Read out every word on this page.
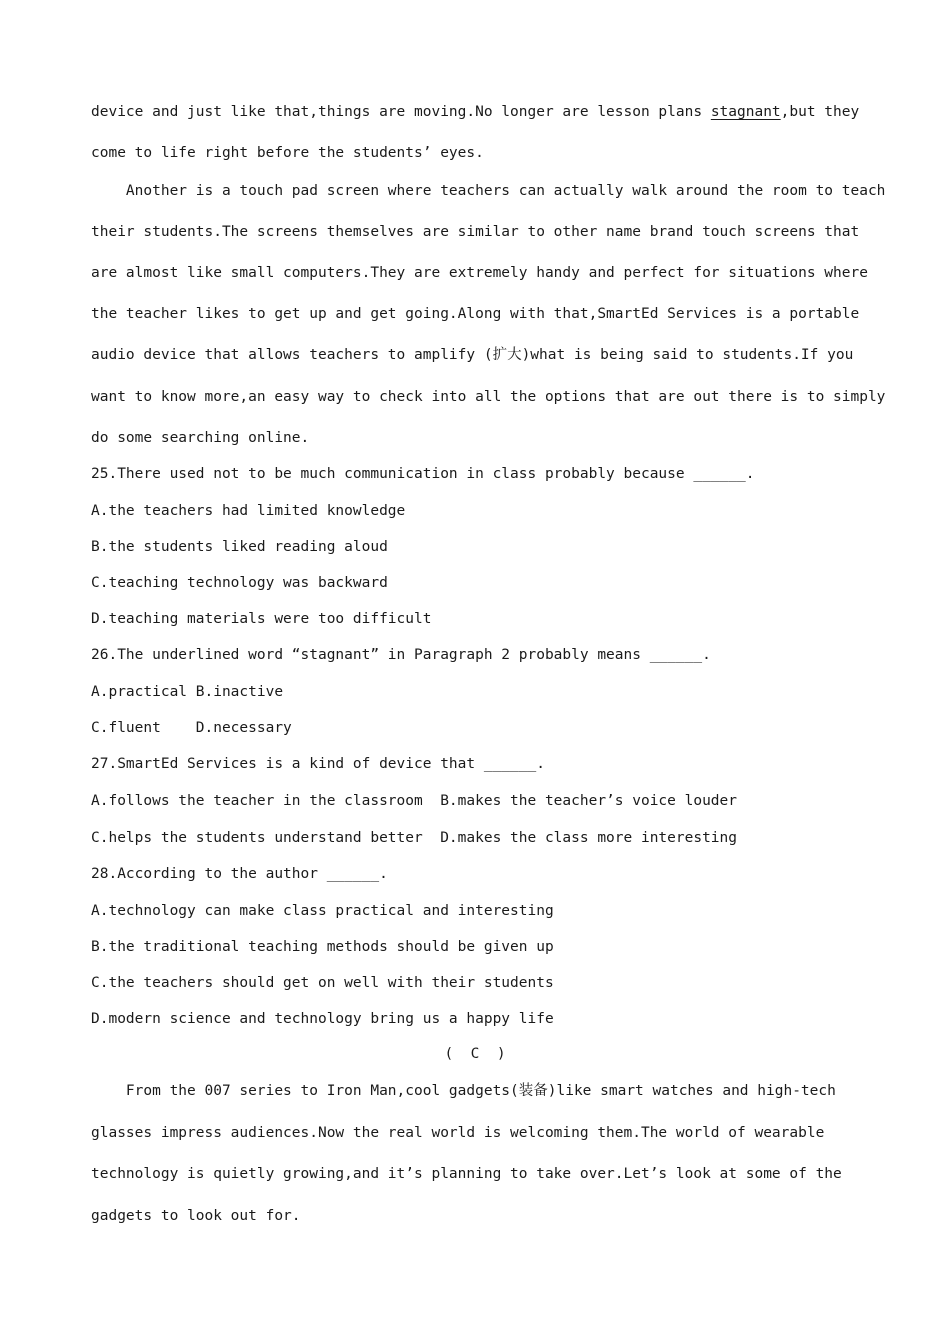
device and just like that,things are moving.No longer are lesson plans stagnant,but they
come to life right before the students’ eyes.
Another is a touch pad screen where teachers can actually walk around the room to teach
their students.The screens themselves are similar to other name brand touch screens that
are almost like small computers.They are extremely handy and perfect for situations where
the teacher likes to get up and get going.Along with that,SmartEd Services is a portable
audio device that allows teachers to amplify (扩大)what is being said to students.If you
want to know more,an easy way to check into all the options that are out there is to simply
do some searching online.
25.There used not to be much communication in class probably because ______.
A.the teachers had limited knowledge
B.the students liked reading aloud
C.teaching technology was backward
D.teaching materials were too difficult
26.The underlined word “stagnant” in Paragraph 2 probably means ______.
A.practical B.inactive
C.fluent    D.necessary
27.SmartEd Services is a kind of device that ______.
A.follows the teacher in the classroom  B.makes the teacher’s voice louder
C.helps the students understand better  D.makes the class more interesting
28.According to the author ______.
A.technology can make class practical and interesting
B.the traditional teaching methods should be given up
C.the teachers should get on well with their students
D.modern science and technology bring us a happy life
(  C  )
From the 007 series to Iron Man,cool gadgets(装备)like smart watches and high-tech
glasses impress audiences.Now the real world is welcoming them.The world of wearable
technology is quietly growing,and it’s planning to take over.Let’s look at some of the
gadgets to look out for.
